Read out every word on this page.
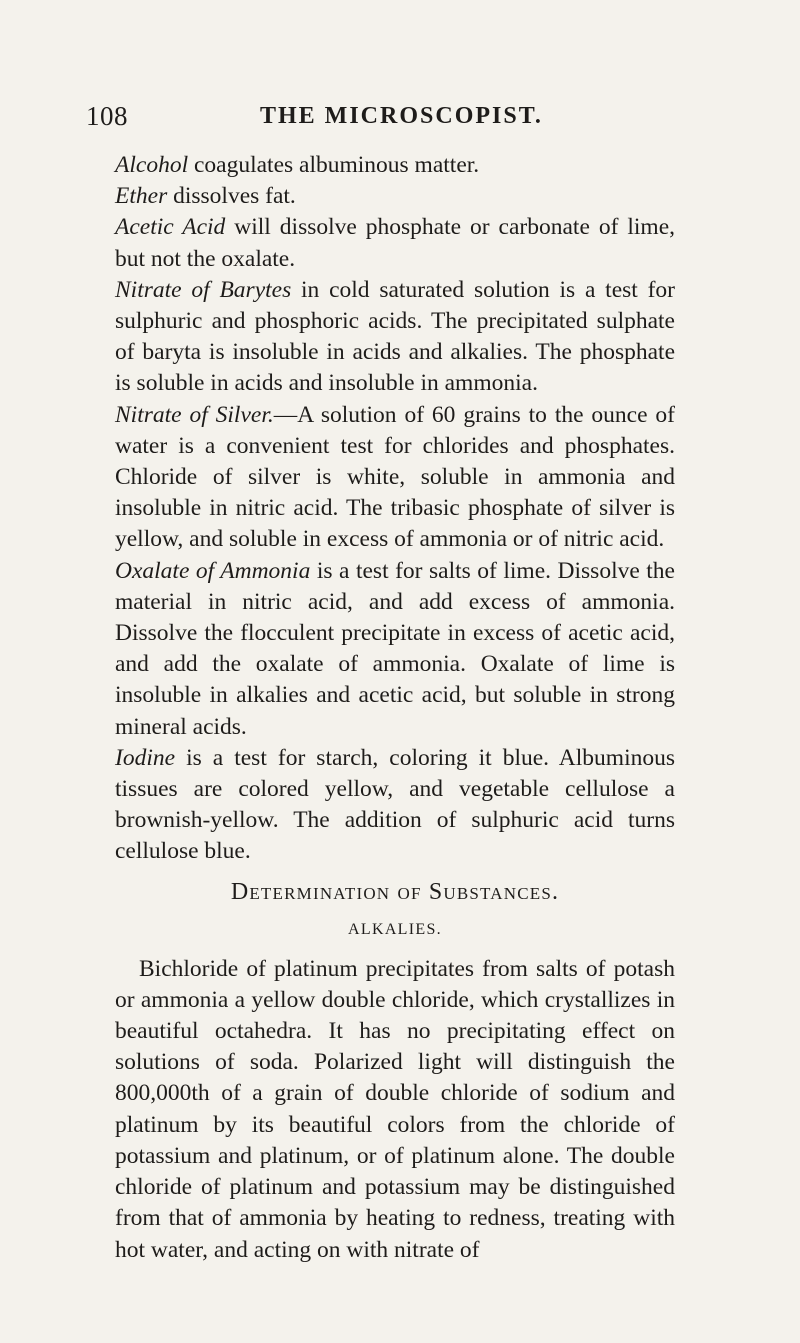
108	THE MICROSCOPIST.

Alcohol coagulates albuminous matter.

Ether dissolves fat.

Acetic Acid will dissolve phosphate or carbonate of lime, but not the oxalate.

Nitrate of Barytes in cold saturated solution is a test for sulphuric and phosphoric acids. The precipitated sulphate of baryta is insoluble in acids and alkalies. The phosphate is soluble in acids and insoluble in ammonia.

Nitrate of Silver.—A solution of 60 grains to the ounce of water is a convenient test for chlorides and phosphates. Chloride of silver is white, soluble in ammonia and insoluble in nitric acid. The tribasic phosphate of silver is yellow, and soluble in excess of ammonia or of nitric acid.

Oxalate of Ammonia is a test for salts of lime. Dissolve the material in nitric acid, and add excess of ammonia. Dissolve the flocculent precipitate in excess of acetic acid, and add the oxalate of ammonia. Oxalate of lime is insoluble in alkalies and acetic acid, but soluble in strong mineral acids.

Iodine is a test for starch, coloring it blue. Albuminous tissues are colored yellow, and vegetable cellulose a brownish-yellow. The addition of sulphuric acid turns cellulose blue.

Determination of Substances.

ALKALIES.

Bichloride of platinum precipitates from salts of potash or ammonia a yellow double chloride, which crystallizes in beautiful octahedra. It has no precipitating effect on solutions of soda. Polarized light will distinguish the 800,000th of a grain of double chloride of sodium and platinum by its beautiful colors from the chloride of potassium and platinum, or of platinum alone. The double chloride of platinum and potassium may be distinguished from that of ammonia by heating to redness, treating with hot water, and acting on with nitrate of
